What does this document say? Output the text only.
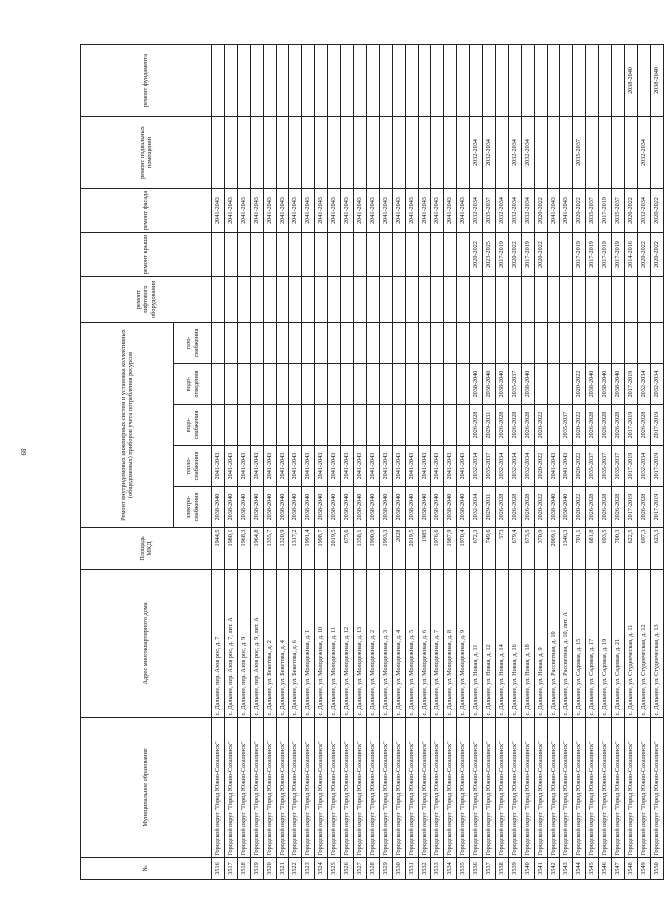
89
№	Муниципальное образование	Адрес многоквартирного дома	Площадь МКД	Ремонт внутридомовых инженерных систем и установка коллективных (общедомовых) приборов учета потребления ресурсов					ремонт лифтового оборудования	ремонт крыши	ремонт фасада	ремонт подвальных помещений	ремонт фундамента
				электро-снабжения	тепло-снабжения	водо-снабжения	водо-отведения	газо-снабжения					
3516	Городской округ "Город Южно-Сахалинск"	с. Дальнее, пер. Азов рос, д. 7	1944,5	2038-2040	2041-2043						2041-2043		
3517	Городской округ "Город Южно-Сахалинск"	с. Дальнее, пер. Азов рос, д. 7, лит. А	1980,1	2038-2040	2041-2043						2041-2043		
3518	Городской округ "Город Южно-Сахалинск"	с. Дальнее, пер. Азов рос, д. 9	1968,3	2038-2040	2041-2043						2041-2043		
3519	Городской округ "Город Южно-Сахалинск"	с. Дальнее, пер. Азов рос, д. 9, лит. А	1964,8	2038-2040	2041-2043						2041-2043		
3520	Городской округ "Город Южно-Сахалинск"	с. Дальнее, ул. Бекетова, д. 2	1355,7	2038-2040	2041-2043						2041-2043		
3521	Городской округ "Город Южно-Сахалинск"	с. Дальнее, ул. Бекетова, д. 4	1320,9	2038-2040	2041-2043						2041-2043		
3522	Городской округ "Город Южно-Сахалинск"	с. Дальнее, ул. Бекетова, д. 6	1317,2	2038-2040	2041-2043						2041-2043		
3523	Городской округ "Город Южно-Сахалинск"	с. Дальнее, ул. Молодежная, д. 1	1991,4	2038-2040	2041-2043						2041-2043		
3524	Городской округ "Город Южно-Сахалинск"	с. Дальнее, ул. Молодежная, д. 10	1998,7	2038-2040	2041-2043						2041-2043		
3525	Городской округ "Город Южно-Сахалинск"	с. Дальнее, ул. Молодежная, д. 11	2019,5	2038-2040	2041-2043						2041-2043		
3526	Городской округ "Город Южно-Сахалинск"	с. Дальнее, ул. Молодежная, д. 12	675,6	2038-2040	2041-2043						2041-2043		
3527	Городской округ "Город Южно-Сахалинск"	с. Дальнее, ул. Молодежная, д. 13	1358,1	2038-2040	2041-2043						2041-2043		
3528	Городской округ "Город Южно-Сахалинск"	с. Дальнее, ул. Молодежная, д. 2	1990,9	2038-2040	2041-2043						2041-2043		
3529	Городской округ "Город Южно-Сахалинск"	с. Дальнее, ул. Молодежная, д. 3	1993,3	2038-2040	2041-2043						2041-2043		
3530	Городской округ "Город Южно-Сахалинск"	с. Дальнее, ул. Молодежная, д. 4	2028	2038-2040	2041-2043						2041-2043		
3531	Городской округ "Город Южно-Сахалинск"	с. Дальнее, ул. Молодежная, д. 5	2019,5	2038-2040	2041-2043						2041-2043		
3532	Городской округ "Город Южно-Сахалинск"	с. Дальнее, ул. Молодежная, д. 6	1985	2038-2040	2041-2043						2041-2043		
3533	Городской округ "Город Южно-Сахалинск"	с. Дальнее, ул. Молодежная, д. 7	1976,6	2038-2040	2041-2043						2041-2043		
3534	Городской округ "Город Южно-Сахалинск"	с. Дальнее, ул. Молодежная, д. 8	1987,9	2038-2040	2041-2043						2041-2043		
3535	Городской округ "Город Южно-Сахалинск"	с. Дальнее, ул. Молодежная, д. 9	1970,4	2038-2040	2041-2043						2041-2043		
3536	Городской округ "Город Южно-Сахалинск"	с. Дальнее, ул. Новая, д. 11	672,3	2032-2034	2032-2034	2026-2028	2038-2040			2020-2022	2032-2034	2032-2034	
3537	Городской округ "Город Южно-Сахалинск"	с. Дальнее, ул. Новая, д. 12	749,6	2029-2031	2035-2037	2029-2031	2038-2040			2023-2025	2035-2037	2032-2034	
3538	Городской округ "Город Южно-Сахалинск"	с. Дальнее, ул. Новая, д. 14	573	2026-2028	2032-2034	2026-2028	2038-2040			2017-2019	2032-2034		
3539	Городской округ "Город Южно-Сахалинск"	с. Дальнее, ул. Новая, д. 16	679,4	2026-2028	2032-2034	2026-2028	2035-2037			2020-2022	2032-2034	2032-2034	
3540	Городской округ "Город Южно-Сахалинск"	с. Дальнее, ул. Новая, д. 18	673,5	2026-2028	2032-2034	2026-2028	2038-2040			2017-2019	2032-2034	2032-2034	
3541	Городской округ "Город Южно-Сахалинск"	с. Дальнее, ул. Новая, д. 9	370,9	2020-2022	2020-2022	2020-2022				2020-2022	2020-2022		
3542	Городской округ "Город Южно-Сахалинск"	с. Дальнее, ул. Рассветная, д. 10	2009,1	2038-2040	2041-2043						2041-2043		
3543	Городской округ "Город Южно-Сахалинск"	с. Дальнее, ул. Рассветная, д. 10, лит. А	1346,3	2038-2040	2041-2043	2035-2037					2041-2043		
3544	Городской округ "Город Южно-Сахалинск"	с. Дальнее, ул. Садовая, д. 15	701,1	2020-2022	2020-2022	2020-2022	2020-2022			2017-2019	2020-2022	2035-2037	
3545	Городской округ "Город Южно-Сахалинск"	с. Дальнее, ул. Садовая, д. 17	681,8	2026-2028	2035-2037	2026-2028	2038-2040			2017-2019	2035-2037		
3546	Городской округ "Город Южно-Сахалинск"	с. Дальнее, ул. Садовая, д. 19	693,5	2026-2028	2035-2037	2026-2028	2038-2040			2017-2019	2017-2019		
3547	Городской округ "Город Южно-Сахалинск"	с. Дальнее, ул. Садовая, д. 21	700,3	2026-2028	2035-2037	2026-2028	2038-2040			2017-2019	2035-2037		
3548	Городской округ "Город Южно-Сахалинск"	с. Дальнее, ул. Студенческая, д. 11	622,5	2017-2019	2017-2019	2017-2019	2017-2019			2014-2016	2020-2022		2038-2040
3549	Городской округ "Город Южно-Сахалинск"	с. Дальнее, ул. Студенческая, д. 12	697,3	2026-2028	2032-2034	2026-2028	2032-2034			2020-2022	2032-2034	2032-2034	
3550	Городской округ "Город Южно-Сахалинск"	с. Дальнее, ул. Студенческая, д. 13	623,3	2017-2019	2017-2019	2017-2019	2032-2034			2020-2022	2020-2022		2038-2040
